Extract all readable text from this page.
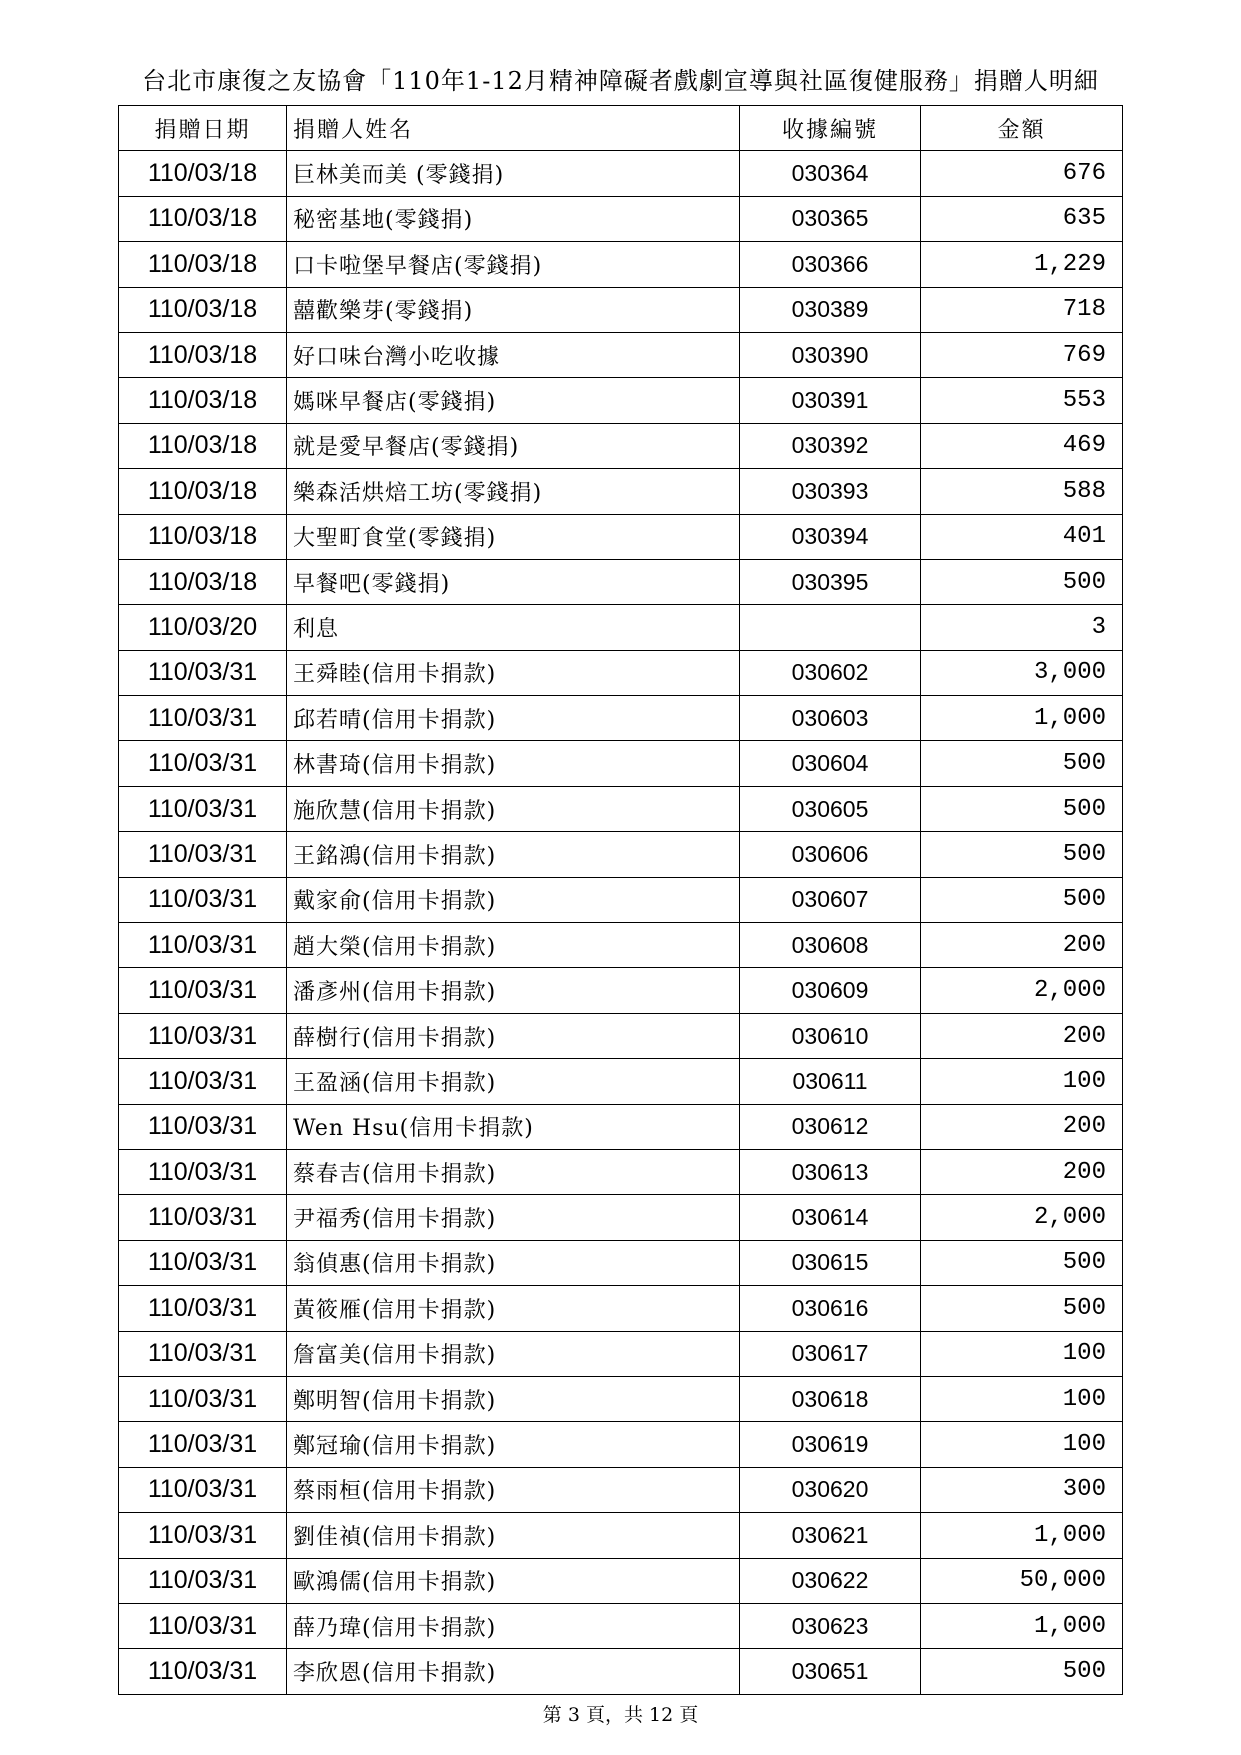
台北市康復之友協會「110年1-12月精神障礙者戲劇宣導與社區復健服務」捐贈人明細
捐贈日期	捐贈人姓名	收據編號	金額
110/03/18	巨林美而美 (零錢捐)	030364	676
110/03/18	秘密基地(零錢捐)	030365	635
110/03/18	口卡啦堡早餐店(零錢捐)	030366	1,229
110/03/18	囍歡樂芽(零錢捐)	030389	718
110/03/18	好口味台灣小吃收據	030390	769
110/03/18	媽咪早餐店(零錢捐)	030391	553
110/03/18	就是愛早餐店(零錢捐)	030392	469
110/03/18	樂森活烘焙工坊(零錢捐)	030393	588
110/03/18	大聖町食堂(零錢捐)	030394	401
110/03/18	早餐吧(零錢捐)	030395	500
110/03/20	利息		3
110/03/31	王舜睦(信用卡捐款)	030602	3,000
110/03/31	邱若晴(信用卡捐款)	030603	1,000
110/03/31	林書琦(信用卡捐款)	030604	500
110/03/31	施欣慧(信用卡捐款)	030605	500
110/03/31	王銘鴻(信用卡捐款)	030606	500
110/03/31	戴家俞(信用卡捐款)	030607	500
110/03/31	趙大榮(信用卡捐款)	030608	200
110/03/31	潘彥州(信用卡捐款)	030609	2,000
110/03/31	薛樹行(信用卡捐款)	030610	200
110/03/31	王盈涵(信用卡捐款)	030611	100
110/03/31	Wen Hsu(信用卡捐款)	030612	200
110/03/31	蔡春吉(信用卡捐款)	030613	200
110/03/31	尹福秀(信用卡捐款)	030614	2,000
110/03/31	翁偵惠(信用卡捐款)	030615	500
110/03/31	黃筱雁(信用卡捐款)	030616	500
110/03/31	詹富美(信用卡捐款)	030617	100
110/03/31	鄭明智(信用卡捐款)	030618	100
110/03/31	鄭冠瑜(信用卡捐款)	030619	100
110/03/31	蔡雨桓(信用卡捐款)	030620	300
110/03/31	劉佳禎(信用卡捐款)	030621	1,000
110/03/31	歐鴻儒(信用卡捐款)	030622	50,000
110/03/31	薛乃瑋(信用卡捐款)	030623	1,000
110/03/31	李欣恩(信用卡捐款)	030651	500
第 3 頁，共 12 頁
